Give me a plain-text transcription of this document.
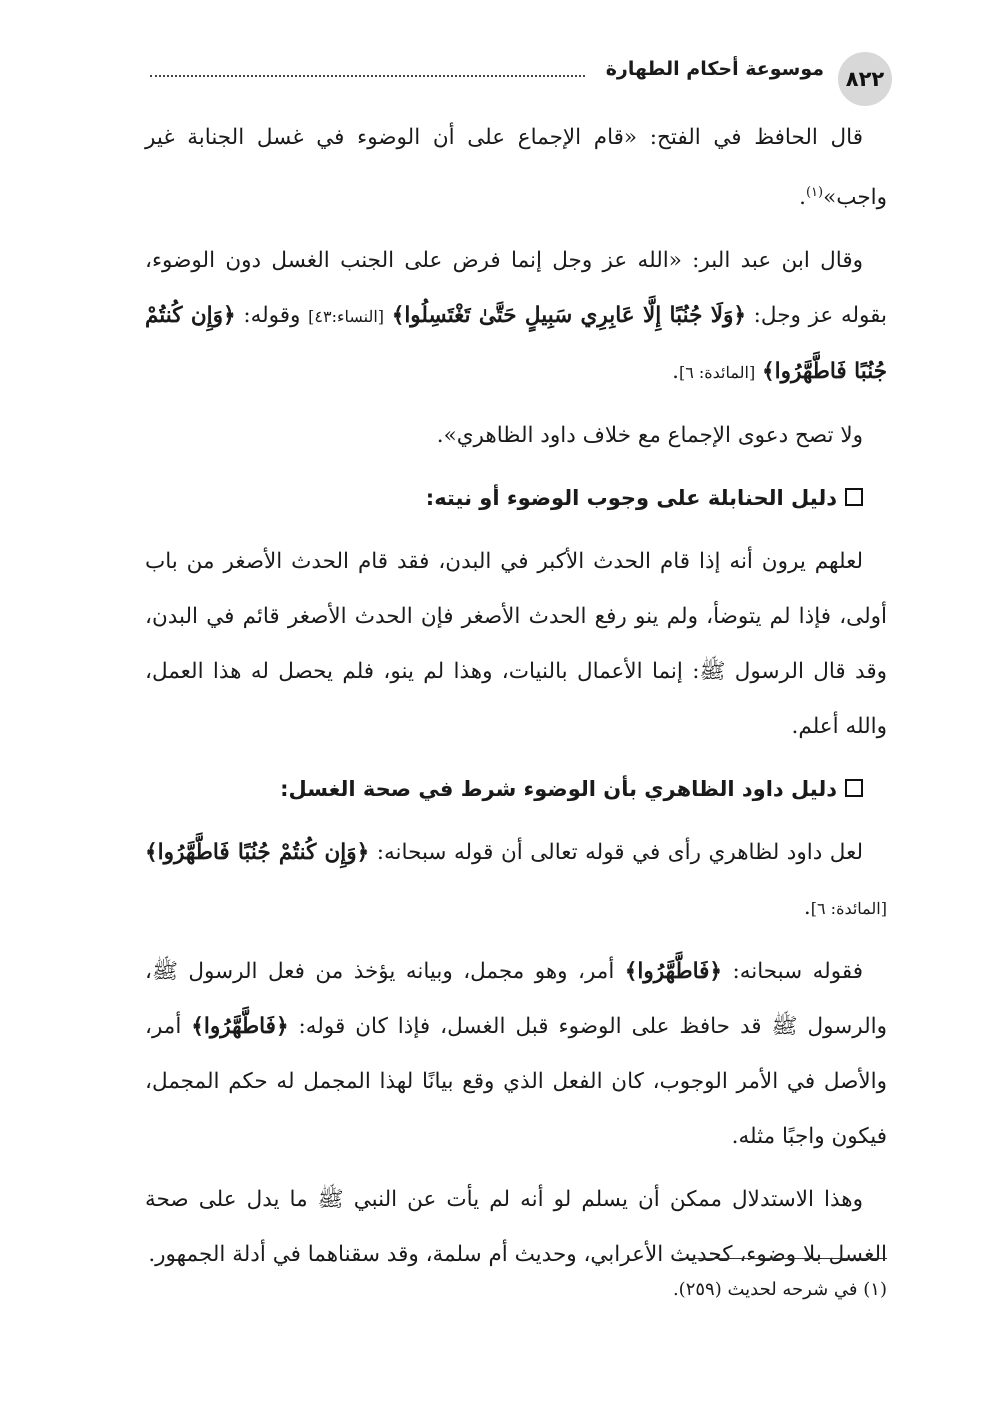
٨٢٢
موسوعة أحكام الطهارة

قال الحافظ في الفتح: «قام الإجماع على أن الوضوء في غسل الجنابة غير واجب»$^{(١)}$.

وقال ابن عبد البر: «الله عز وجل إنما فرض على الجنب الغسل دون الوضوء، بقوله عز وجل: ﴿وَلَا جُنُبًا إِلَّا عَابِرِي سَبِيلٍ حَتَّىٰ تَغْتَسِلُوا﴾ [النساء:٤٣] وقوله: ﴿وَإِن كُنتُمْ جُنُبًا فَاطَّهَّرُوا﴾ [المائدة: ٦].

ولا تصح دعوى الإجماع مع خلاف داود الظاهري».

دليل الحنابلة على وجوب الوضوء أو نيته:

لعلهم يرون أنه إذا قام الحدث الأكبر في البدن، فقد قام الحدث الأصغر من باب أولى، فإذا لم يتوضأ، ولم ينو رفع الحدث الأصغر فإن الحدث الأصغر قائم في البدن، وقد قال الرسول ﷺ: إنما الأعمال بالنيات، وهذا لم ينو، فلم يحصل له هذا العمل، والله أعلم.

دليل داود الظاهري بأن الوضوء شرط في صحة الغسل:

لعل داود لظاهري رأى في قوله تعالى أن قوله سبحانه: ﴿وَإِن كُنتُمْ جُنُبًا فَاطَّهَّرُوا﴾ [المائدة: ٦].

فقوله سبحانه: ﴿فَاطَّهَّرُوا﴾ أمر، وهو مجمل، وبيانه يؤخذ من فعل الرسول ﷺ، والرسول ﷺ قد حافظ على الوضوء قبل الغسل، فإذا كان قوله: ﴿فَاطَّهَّرُوا﴾ أمر، والأصل في الأمر الوجوب، كان الفعل الذي وقع بيانًا لهذا المجمل له حكم المجمل، فيكون واجبًا مثله.

وهذا الاستدلال ممكن أن يسلم لو أنه لم يأت عن النبي ﷺ ما يدل على صحة الغسل بلا وضوء، كحديث الأعرابي، وحديث أم سلمة، وقد سقناهما في أدلة الجمهور.

(١) في شرحه لحديث (٢٥٩).
